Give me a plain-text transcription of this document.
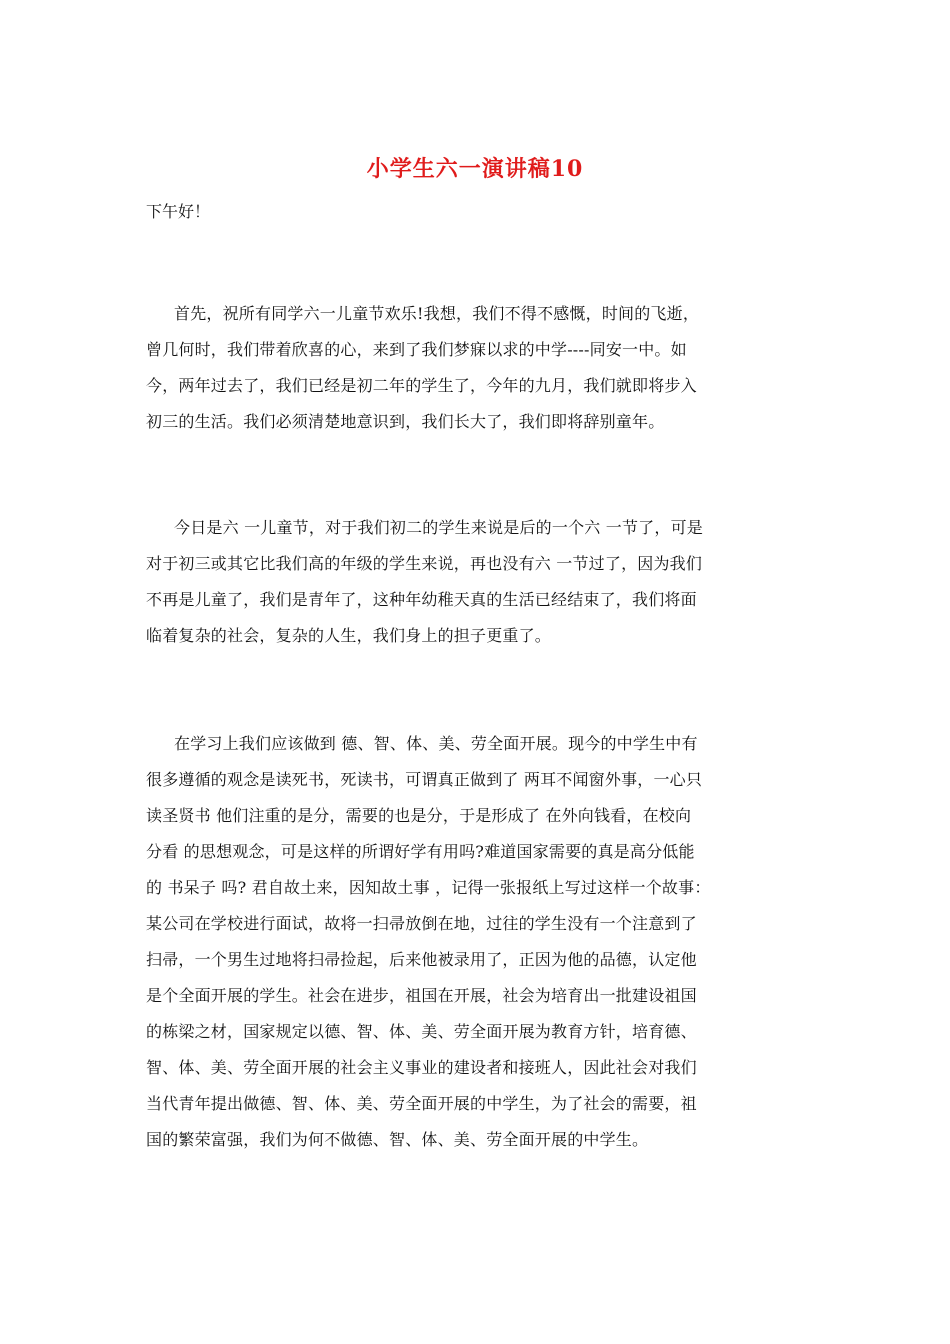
小学生六一演讲稿10
下午好！
首先，祝所有同学六一儿童节欢乐!我想，我们不得不感慨，时间的飞逝，
曾几何时，我们带着欣喜的心，来到了我们梦寐以求的中学----同安一中。如
今，两年过去了，我们已经是初二年的学生了，今年的九月，我们就即将步入
初三的生活。我们必须清楚地意识到，我们长大了，我们即将辞别童年。
今日是六 一儿童节，对于我们初二的学生来说是后的一个六 一节了，可是
对于初三或其它比我们高的年级的学生来说，再也没有六 一节过了，因为我们
不再是儿童了，我们是青年了，这种年幼稚天真的生活已经结束了，我们将面
临着复杂的社会，复杂的人生，我们身上的担子更重了。
在学习上我们应该做到 德、智、体、美、劳全面开展。现今的中学生中有
很多遵循的观念是读死书，死读书，可谓真正做到了 两耳不闻窗外事，一心只
读圣贤书 他们注重的是分，需要的也是分，于是形成了 在外向钱看，在校向
分看 的思想观念，可是这样的所谓好学有用吗?难道国家需要的真是高分低能
的 书呆子 吗? 君自故土来，因知故土事 ，记得一张报纸上写过这样一个故事：
某公司在学校进行面试，故将一扫帚放倒在地，过往的学生没有一个注意到了
扫帚，一个男生过地将扫帚捡起，后来他被录用了，正因为他的品德，认定他
是个全面开展的学生。社会在进步，祖国在开展，社会为培育出一批建设祖国
的栋梁之材，国家规定以德、智、体、美、劳全面开展为教育方针，培育德、
智、体、美、劳全面开展的社会主义事业的建设者和接班人，因此社会对我们
当代青年提出做德、智、体、美、劳全面开展的中学生，为了社会的需要，祖
国的繁荣富强，我们为何不做德、智、体、美、劳全面开展的中学生。
